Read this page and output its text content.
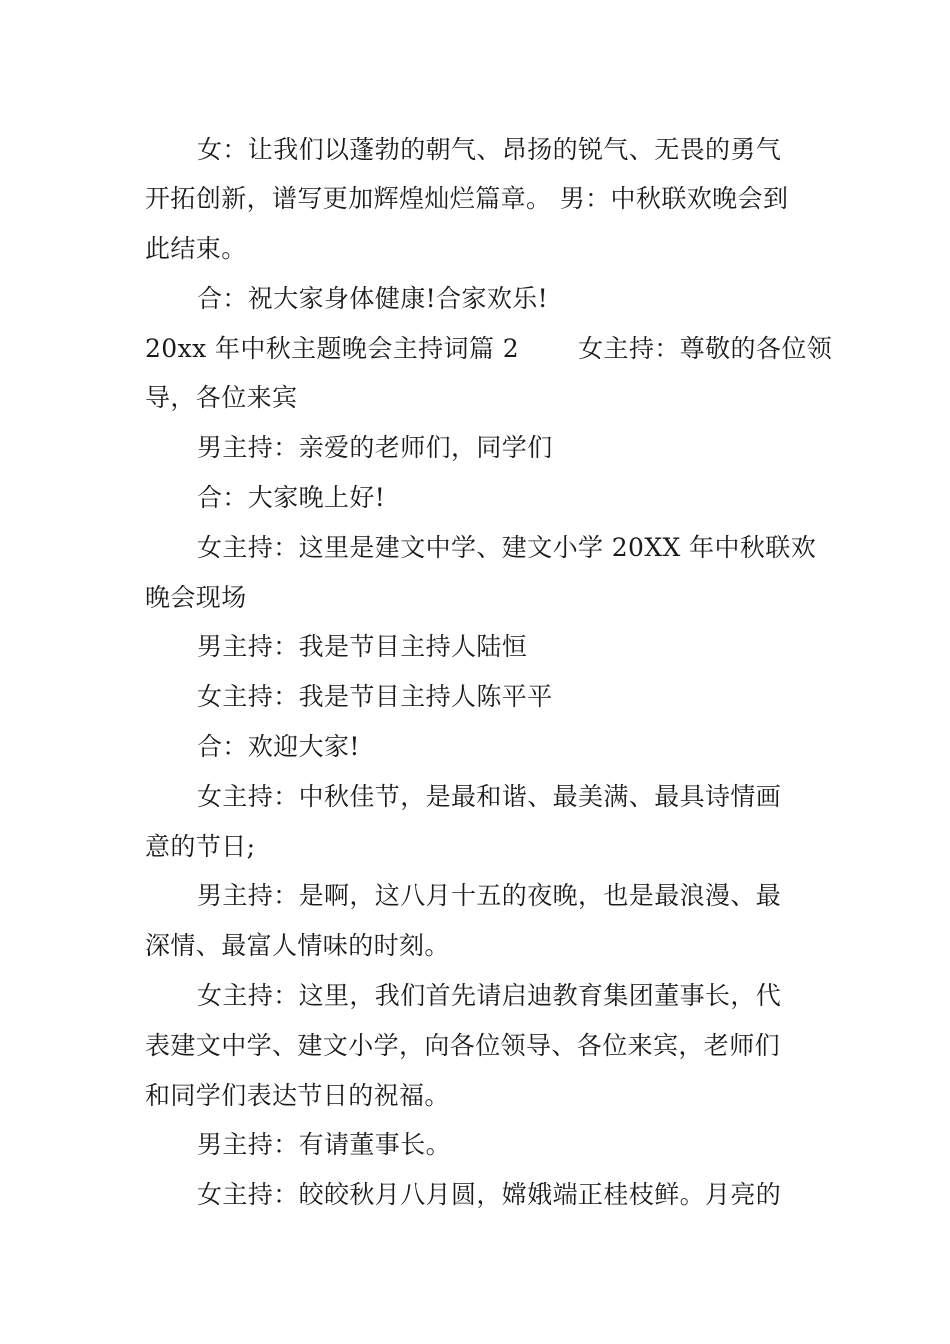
女：让我们以蓬勃的朝气、昂扬的锐气、无畏的勇气
开拓创新，谱写更加辉煌灿烂篇章。 男：中秋联欢晚会到
此结束。
合：祝大家身体健康!合家欢乐!
20xx 年中秋主题晚会主持词篇 2　　 女主持：尊敬的各位领
导，各位来宾
男主持：亲爱的老师们，同学们
合：大家晚上好!
女主持：这里是建文中学、建文小学 20XX 年中秋联欢
晚会现场
男主持：我是节目主持人陆恒
女主持：我是节目主持人陈平平
合：欢迎大家!
女主持：中秋佳节，是最和谐、最美满、最具诗情画
意的节日;
男主持：是啊，这八月十五的夜晚，也是最浪漫、最
深情、最富人情味的时刻。
女主持：这里，我们首先请启迪教育集团董事长，代
表建文中学、建文小学，向各位领导、各位来宾，老师们
和同学们表达节日的祝福。
男主持：有请董事长。
女主持：皎皎秋月八月圆，嫦娥端正桂枝鲜。月亮的
